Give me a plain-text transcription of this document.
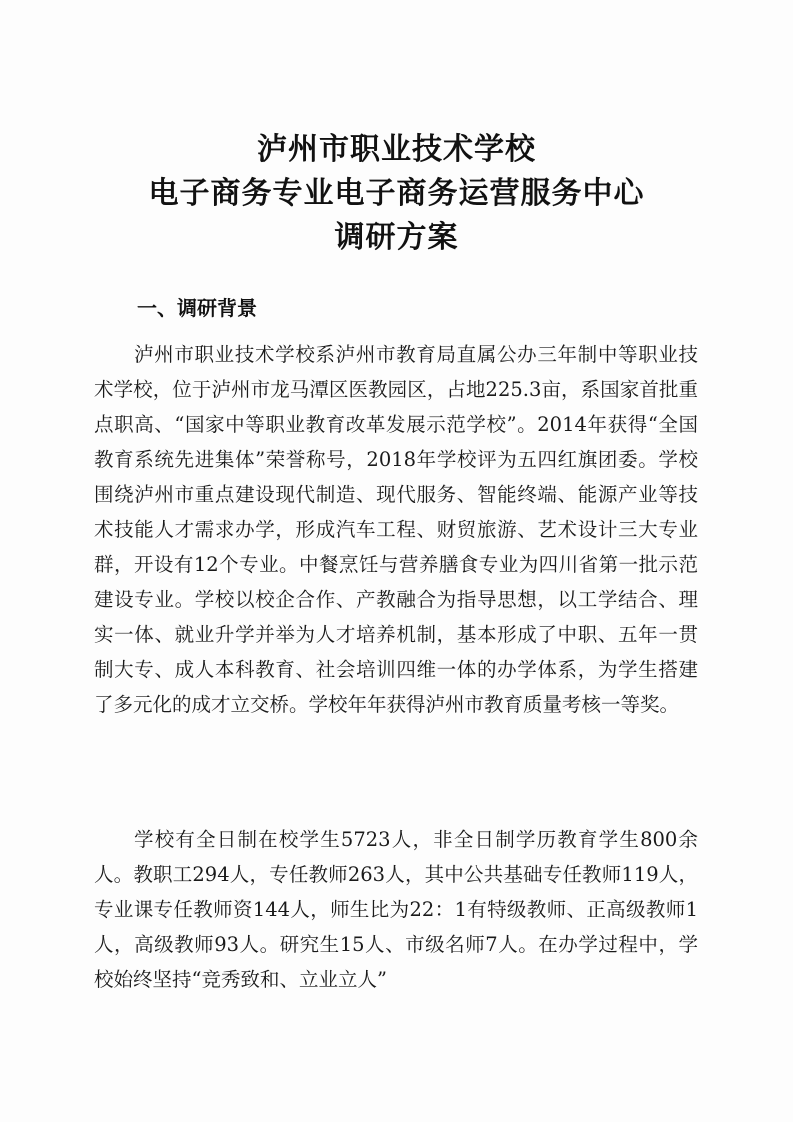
泸州市职业技术学校
电子商务专业电子商务运营服务中心
调研方案
一、调研背景

泸州市职业技术学校系泸州市教育局直属公办三年制中等职业技术学校，位于泸州市龙马潭区医教园区，占地225.3亩，系国家首批重点职高、“国家中等职业教育改革发展示范学校”。2014年获得“全国教育系统先进集体”荣誉称号，2018年学校评为五四红旗团委。学校围绕泸州市重点建设现代制造、现代服务、智能终端、能源产业等技术技能人才需求办学，形成汽车工程、财贸旅游、艺术设计三大专业群，开设有12个专业。中餐烹饪与营养膳食专业为四川省第一批示范建设专业。学校以校企合作、产教融合为指导思想，以工学结合、理实一体、就业升学并举为人才培养机制，基本形成了中职、五年一贯制大专、成人本科教育、社会培训四维一体的办学体系，为学生搭建了多元化的成才立交桥。学校年年获得泸州市教育质量考核一等奖。

学校有全日制在校学生5723人，非全日制学历教育学生800余人。教职工294人，专任教师263人，其中公共基础专任教师119人，专业课专任教师资144人，师生比为22：1有特级教师、正高级教师1人，高级教师93人。研究生15人、市级名师7人。在办学过程中，学校始终坚持“竞秀致和、立业立人”
